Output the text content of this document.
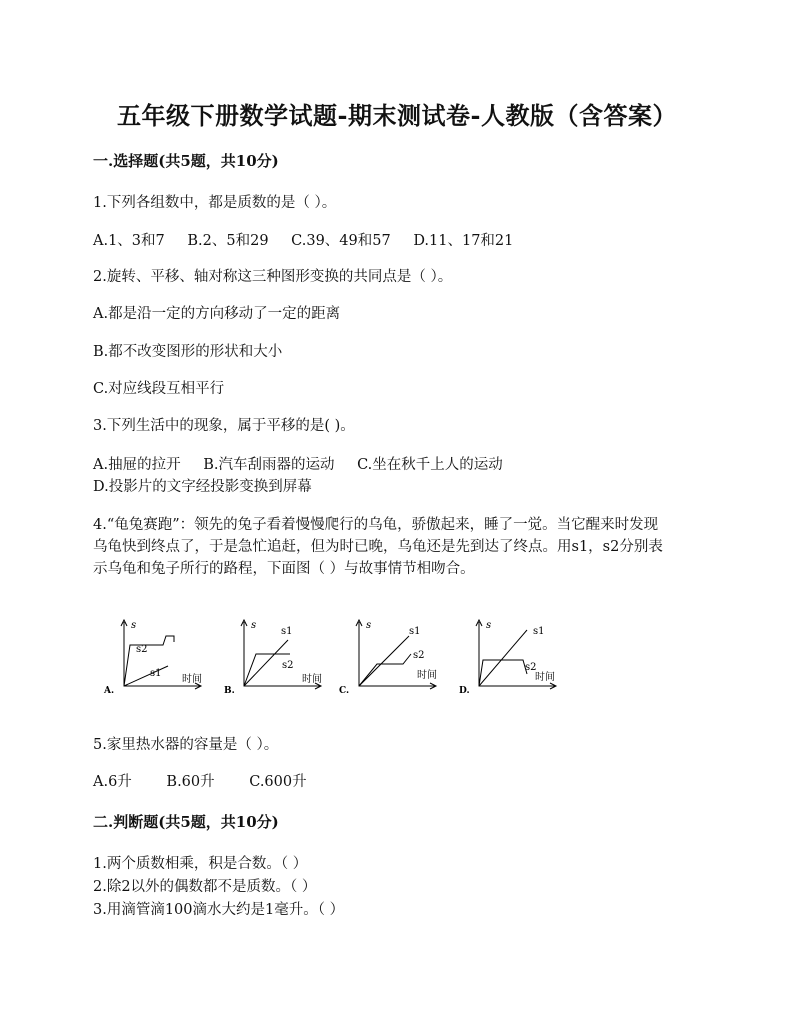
五年级下册数学试题-期末测试卷-人教版（含答案）
一.选择题(共5题，共10分)
1.下列各组数中，都是质数的是（ ）。
A.1、3和7 B.2、5和29 C.39、49和57 D.11、17和21
2.旋转、平移、轴对称这三种图形变换的共同点是（ ）。
A.都是沿一定的方向移动了一定的距离
B.都不改变图形的形状和大小
C.对应线段互相平行
3.下列生活中的现象，属于平移的是( )。
A.抽屉的拉开 B.汽车刮雨器的运动 C.坐在秋千上人的运动
D.投影片的文字经投影变换到屏幕
4.“龟兔赛跑”：领先的兔子看着慢慢爬行的乌龟，骄傲起来，睡了一觉。当它醒来时发现
乌龟快到终点了，于是急忙追赶，但为时已晚，乌龟还是先到达了终点。用s1，s2分别表
示乌龟和兔子所行的路程，下面图（ ）与故事情节相吻合。
s
s2
s1
时间
A.
s
s1
s2
时间
B.
s
s1
s2
时间
C.
s
s1
s2
时间
D.
5.家里热水器的容量是（ ）。
A.6升 B.60升 C.600升
二.判断题(共5题，共10分)
1.两个质数相乘，积是合数。（ ）
2.除2以外的偶数都不是质数。（ ）
3.用滴管滴100滴水大约是1毫升。（ ）
